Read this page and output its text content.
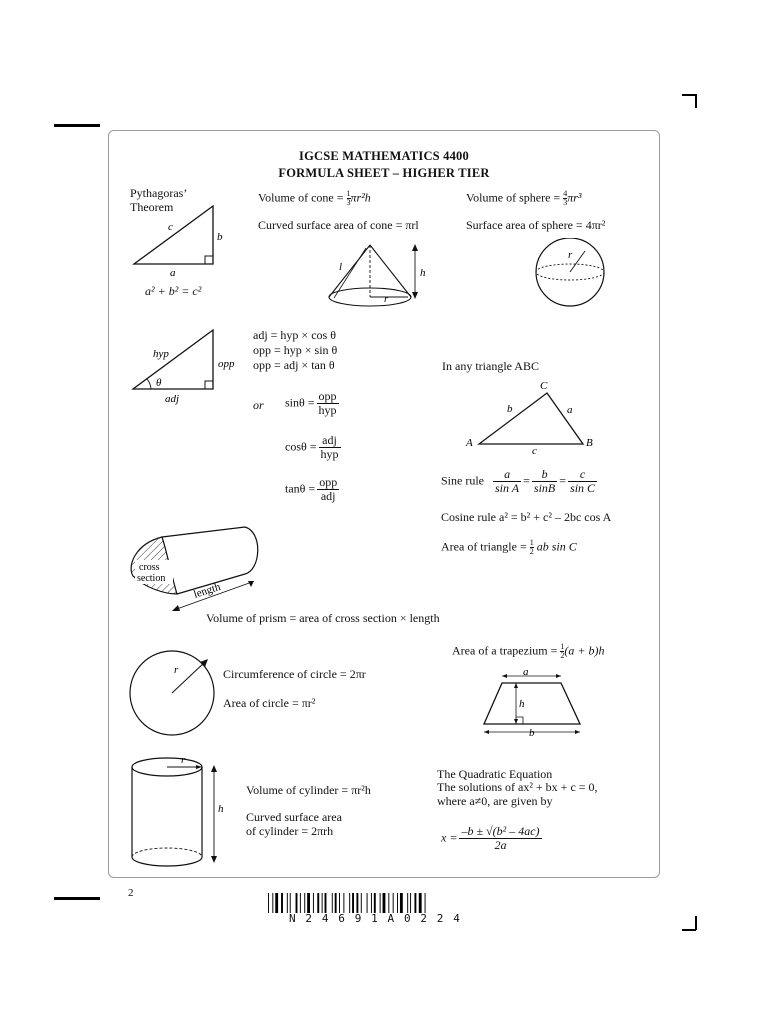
IGCSE MATHEMATICS 4400
FORMULA SHEET – HIGHER TIER
Pythagoras’
Theorem
c
b
a
a² + b² = c²
Volume of cone = $\frac{1}{3} \pi r^2h$
Curved surface area of cone = πrl
l	h
r
Volume of sphere = $\frac{4}{3} \pi r^3$
Surface area of sphere = 4πr²
r
hyp
opp
adj
θ
adj = hyp × cos θ
opp = hyp × sin θ
opp = adj × tan θ
or $\sin\theta = \frac{\text{opp}}{\text{hyp}}$
$\cos\theta = \frac{\text{adj}}{\text{hyp}}$
$\tan\theta = \frac{\text{opp}}{\text{adj}}$
In any triangle ABC
C
A	B
b	a
c
Sine rule $\frac{a}{\text{sin A}} = \frac{b}{\sin B} = \frac{c}{\text{sin C}}$
Cosine rule a² = b² + c² – 2bc cos A
Area of triangle = $\frac{1}{2}$ ab sin C
cross
section
length
Volume of prism = area of cross section × length
r	Circumference of circle = 2πr
Area of circle = πr²
Area of a trapezium = $\frac{1}{2} (a + b)h$
a
h
b
r
h
Volume of cylinder = πr²h
Curved surface area
of cylinder = 2πrh
The Quadratic Equation
The solutions of ax² + bx + c = 0,
where a≠0, are given by
$x = \frac{\text{–b ± √(b² – 4ac)}}{2a}$
2
N24691A0224
